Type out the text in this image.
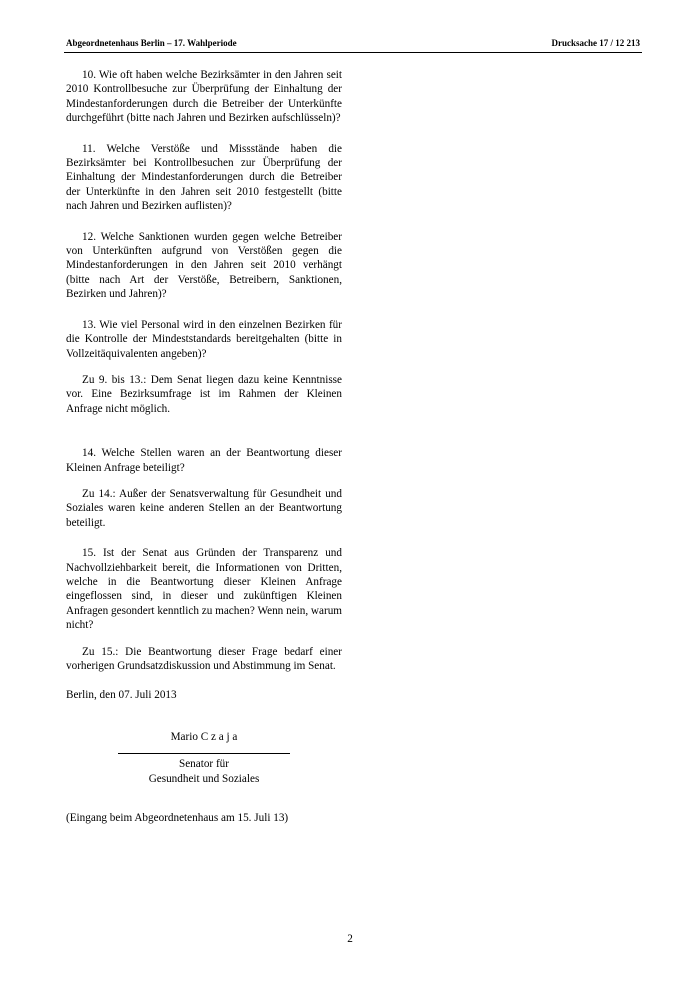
Abgeordnetenhaus Berlin – 17. Wahlperiode	Drucksache 17 / 12 213

10. Wie oft haben welche Bezirksämter in den Jahren seit 2010 Kontrollbesuche zur Überprüfung der Einhaltung der Mindestanforderungen durch die Betreiber der Unterkünfte durchgeführt (bitte nach Jahren und Bezirken aufschlüsseln)?

11. Welche Verstöße und Missstände haben die Bezirksämter bei Kontrollbesuchen zur Überprüfung der Einhaltung der Mindestanforderungen durch die Betreiber der Unterkünfte in den Jahren seit 2010 festgestellt (bitte nach Jahren und Bezirken auflisten)?

12. Welche Sanktionen wurden gegen welche Betreiber von Unterkünften aufgrund von Verstößen gegen die Mindestanforderungen in den Jahren seit 2010 verhängt (bitte nach Art der Verstöße, Betreibern, Sanktionen, Bezirken und Jahren)?

13. Wie viel Personal wird in den einzelnen Bezirken für die Kontrolle der Mindeststandards bereitgehalten (bitte in Vollzeitäquivalenten angeben)?

Zu 9. bis 13.: Dem Senat liegen dazu keine Kenntnisse vor. Eine Bezirksumfrage ist im Rahmen der Kleinen Anfrage nicht möglich.

14. Welche Stellen waren an der Beantwortung dieser Kleinen Anfrage beteiligt?

Zu 14.: Außer der Senatsverwaltung für Gesundheit und Soziales waren keine anderen Stellen an der Beantwortung beteiligt.

15. Ist der Senat aus Gründen der Transparenz und Nachvollziehbarkeit bereit, die Informationen von Dritten, welche in die Beantwortung dieser Kleinen Anfrage eingeflossen sind, in dieser und zukünftigen Kleinen Anfragen gesondert kenntlich zu machen? Wenn nein, warum nicht?

Zu 15.: Die Beantwortung dieser Frage bedarf einer vorherigen Grundsatzdiskussion und Abstimmung im Senat.

Berlin, den 07. Juli 2013

Mario C z a j a

Senator für

Gesundheit und Soziales

(Eingang beim Abgeordnetenhaus am 15. Juli 13)

2
